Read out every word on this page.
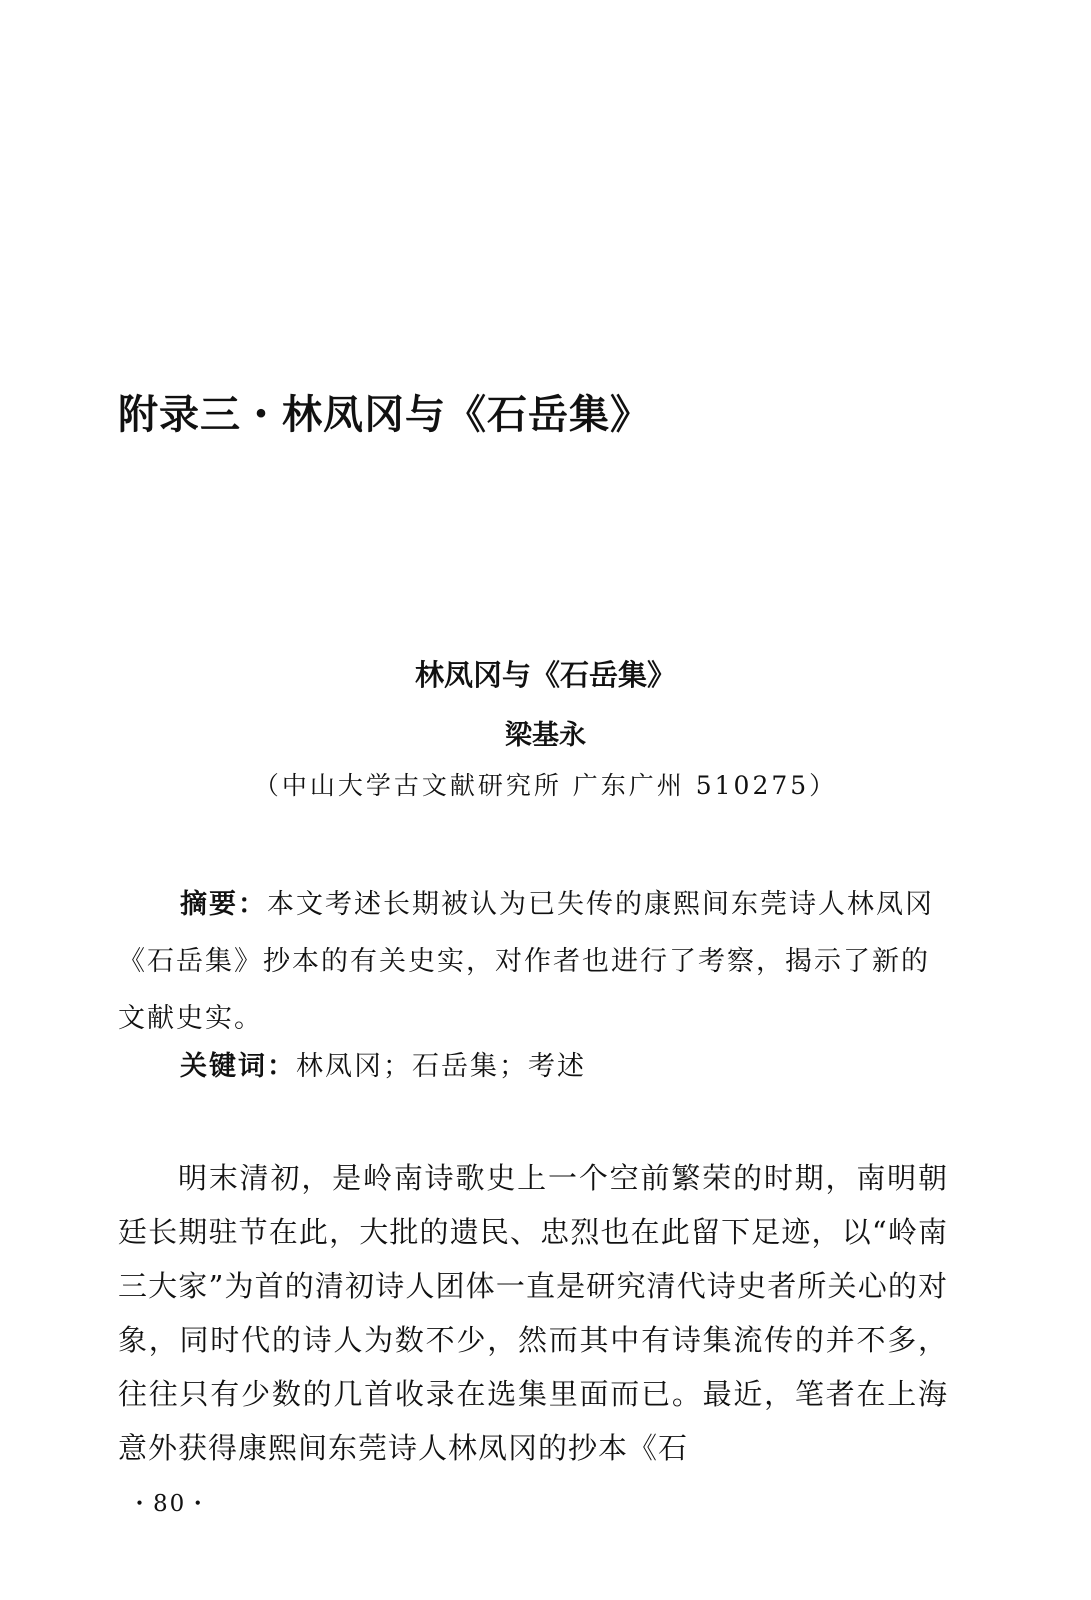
附录三・林凤冈与《石岳集》
林凤冈与《石岳集》
梁基永
（中山大学古文献研究所 广东广州 510275）

摘要：本文考述长期被认为已失传的康熙间东莞诗人林凤冈《石岳集》抄本的有关史实，对作者也进行了考察，揭示了新的文献史实。

关键词：林凤冈；石岳集；考述

明末清初，是岭南诗歌史上一个空前繁荣的时期，南明朝廷长期驻节在此，大批的遗民、忠烈也在此留下足迹，以“岭南三大家”为首的清初诗人团体一直是研究清代诗史者所关心的对象，同时代的诗人为数不少，然而其中有诗集流传的并不多，往往只有少数的几首收录在选集里面而已。最近，笔者在上海意外获得康熙间东莞诗人林凤冈的抄本《石

・80・
